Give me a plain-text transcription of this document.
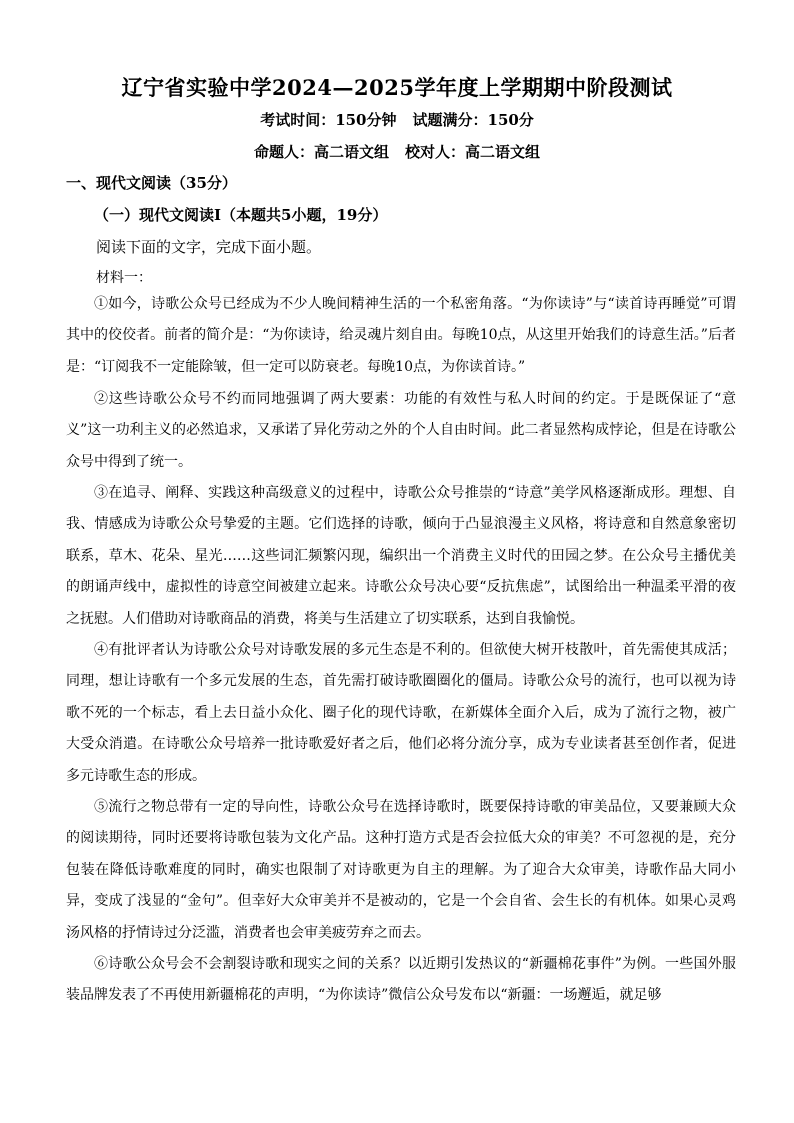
辽宁省实验中学2024—2025学年度上学期期中阶段测试
考试时间：150分钟 试题满分：150分
命题人：高二语文组 校对人：高二语文组
一、现代文阅读（35分）
（一）现代文阅读Ⅰ（本题共5小题，19分）
阅读下面的文字，完成下面小题。
材料一：

①如今，诗歌公众号已经成为不少人晚间精神生活的一个私密角落。“为你读诗”与“读首诗再睡觉”可谓其中的佼佼者。前者的简介是：“为你读诗，给灵魂片刻自由。每晚10点，从这里开始我们的诗意生活。”后者是：“订阅我不一定能除皱，但一定可以防衰老。每晚10点，为你读首诗。”

②这些诗歌公众号不约而同地强调了两大要素：功能的有效性与私人时间的约定。于是既保证了“意义”这一功利主义的必然追求，又承诺了异化劳动之外的个人自由时间。此二者显然构成悖论，但是在诗歌公众号中得到了统一。

③在追寻、阐释、实践这种高级意义的过程中，诗歌公众号推崇的“诗意”美学风格逐渐成形。理想、自我、情感成为诗歌公众号挚爱的主题。它们选择的诗歌，倾向于凸显浪漫主义风格，将诗意和自然意象密切联系，草木、花朵、星光……这些词汇频繁闪现，编织出一个消费主义时代的田园之梦。在公众号主播优美的朗诵声线中，虚拟性的诗意空间被建立起来。诗歌公众号决心要“反抗焦虑”，试图给出一种温柔平滑的夜之抚慰。人们借助对诗歌商品的消费，将美与生活建立了切实联系，达到自我愉悦。

④有批评者认为诗歌公众号对诗歌发展的多元生态是不利的。但欲使大树开枝散叶，首先需使其成活；同理，想让诗歌有一个多元发展的生态，首先需打破诗歌圈圈化的僵局。诗歌公众号的流行，也可以视为诗歌不死的一个标志，看上去日益小众化、圈子化的现代诗歌，在新媒体全面介入后，成为了流行之物，被广大受众消遣。在诗歌公众号培养一批诗歌爱好者之后，他们必将分流分享，成为专业读者甚至创作者，促进多元诗歌生态的形成。

⑤流行之物总带有一定的导向性，诗歌公众号在选择诗歌时，既要保持诗歌的审美品位，又要兼顾大众的阅读期待，同时还要将诗歌包装为文化产品。这种打造方式是否会拉低大众的审美？不可忽视的是，充分包装在降低诗歌难度的同时，确实也限制了对诗歌更为自主的理解。为了迎合大众审美，诗歌作品大同小异，变成了浅显的“金句”。但幸好大众审美并不是被动的，它是一个会自省、会生长的有机体。如果心灵鸡汤风格的抒情诗过分泛滥，消费者也会审美疲劳弃之而去。

⑥诗歌公众号会不会割裂诗歌和现实之间的关系？以近期引发热议的“新疆棉花事件”为例。一些国外服装品牌发表了不再使用新疆棉花的声明，“为你读诗”微信公众号发布以“新疆：一场邂逅，就足够
